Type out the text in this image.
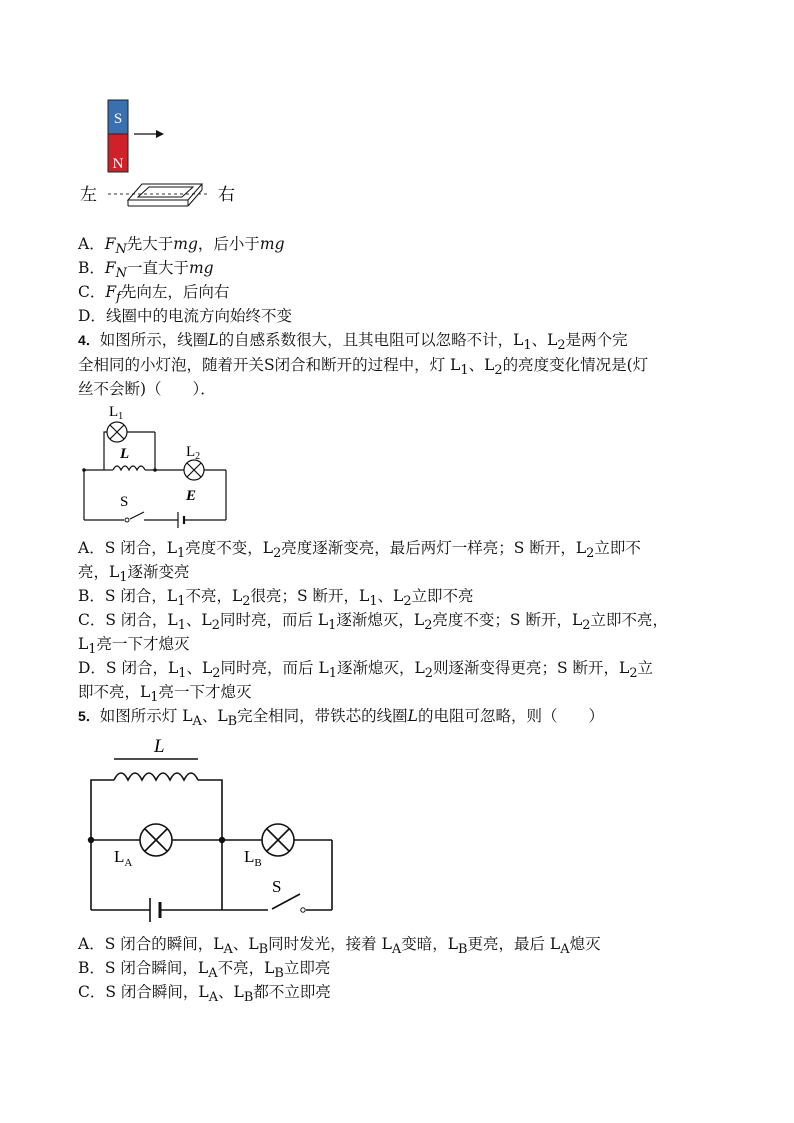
S
N
左	右
A．$F_N$先大于mg，后小于mg
B．$F_N$一直大于mg
C．$F_f$先向左，后向右
D．线圈中的电流方向始终不变
4．如图所示，线圈L的自感系数很大，且其电阻可以忽略不计，$L_1$、$L_2$是两个完
全相同的小灯泡，随着开关S闭合和断开的过程中，灯 $L_1$、$L_2$的亮度变化情况是(灯
丝不会断)（　　）．
$L_1$
L	$L_2$
S	E
A．S 闭合，$L_1$亮度不变，$L_2$亮度逐渐变亮，最后两灯一样亮；S 断开，$L_2$立即不
亮，$L_1$逐渐变亮
B．S 闭合，$L_1$不亮，$L_2$很亮；S 断开，$L_1$、$L_2$立即不亮
C．S 闭合，$L_1$、$L_2$同时亮，而后 $L_1$逐渐熄灭，$L_2$亮度不变；S 断开，$L_2$立即不亮，
$L_1$亮一下才熄灭
D．S 闭合，$L_1$、$L_2$同时亮，而后 $L_1$逐渐熄灭，$L_2$则逐渐变得更亮；S 断开，$L_2$立
即不亮，$L_1$亮一下才熄灭
5．如图所示灯 $L_A$、$L_B$完全相同，带铁芯的线圈L的电阻可忽略，则（　　）
L
$L_A$	$L_B$
S
A．S 闭合的瞬间，$L_A$、$L_B$同时发光，接着 $L_A$变暗，$L_B$更亮，最后 $L_A$熄灭
B．S 闭合瞬间，$L_A$不亮，$L_B$立即亮
C．S 闭合瞬间，$L_A$、$L_B$都不立即亮
